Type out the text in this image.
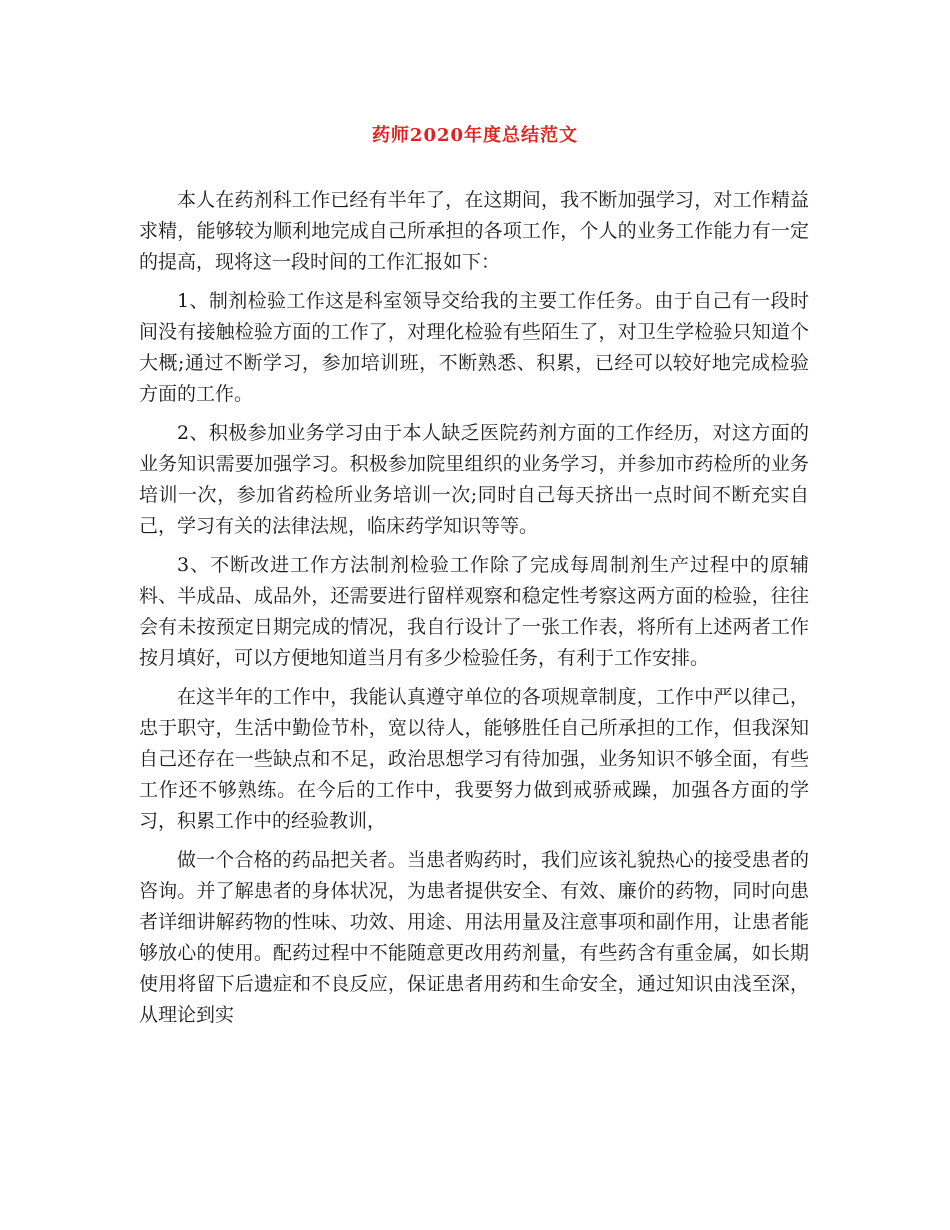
药师2020年度总结范文

本人在药剂科工作已经有半年了，在这期间，我不断加强学习，对工作精益求精，能够较为顺利地完成自己所承担的各项工作，个人的业务工作能力有一定的提高，现将这一段时间的工作汇报如下：

1、制剂检验工作这是科室领导交给我的主要工作任务。由于自己有一段时间没有接触检验方面的工作了，对理化检验有些陌生了，对卫生学检验只知道个大概;通过不断学习，参加培训班，不断熟悉、积累，已经可以较好地完成检验方面的工作。

2、积极参加业务学习由于本人缺乏医院药剂方面的工作经历，对这方面的业务知识需要加强学习。积极参加院里组织的业务学习，并参加市药检所的业务培训一次，参加省药检所业务培训一次;同时自己每天挤出一点时间不断充实自己，学习有关的法律法规，临床药学知识等等。

3、不断改进工作方法制剂检验工作除了完成每周制剂生产过程中的原辅料、半成品、成品外，还需要进行留样观察和稳定性考察这两方面的检验，往往会有未按预定日期完成的情况，我自行设计了一张工作表，将所有上述两者工作按月填好，可以方便地知道当月有多少检验任务，有利于工作安排。

在这半年的工作中，我能认真遵守单位的各项规章制度，工作中严以律己，忠于职守，生活中勤俭节朴，宽以待人，能够胜任自己所承担的工作，但我深知自己还存在一些缺点和不足，政治思想学习有待加强，业务知识不够全面，有些工作还不够熟练。在今后的工作中，我要努力做到戒骄戒躁，加强各方面的学习，积累工作中的经验教训，

做一个合格的药品把关者。当患者购药时，我们应该礼貌热心的接受患者的咨询。并了解患者的身体状况，为患者提供安全、有效、廉价的药物，同时向患者详细讲解药物的性味、功效、用途、用法用量及注意事项和副作用，让患者能够放心的使用。配药过程中不能随意更改用药剂量，有些药含有重金属，如长期使用将留下后遗症和不良反应，保证患者用药和生命安全，通过知识由浅至深，从理论到实
